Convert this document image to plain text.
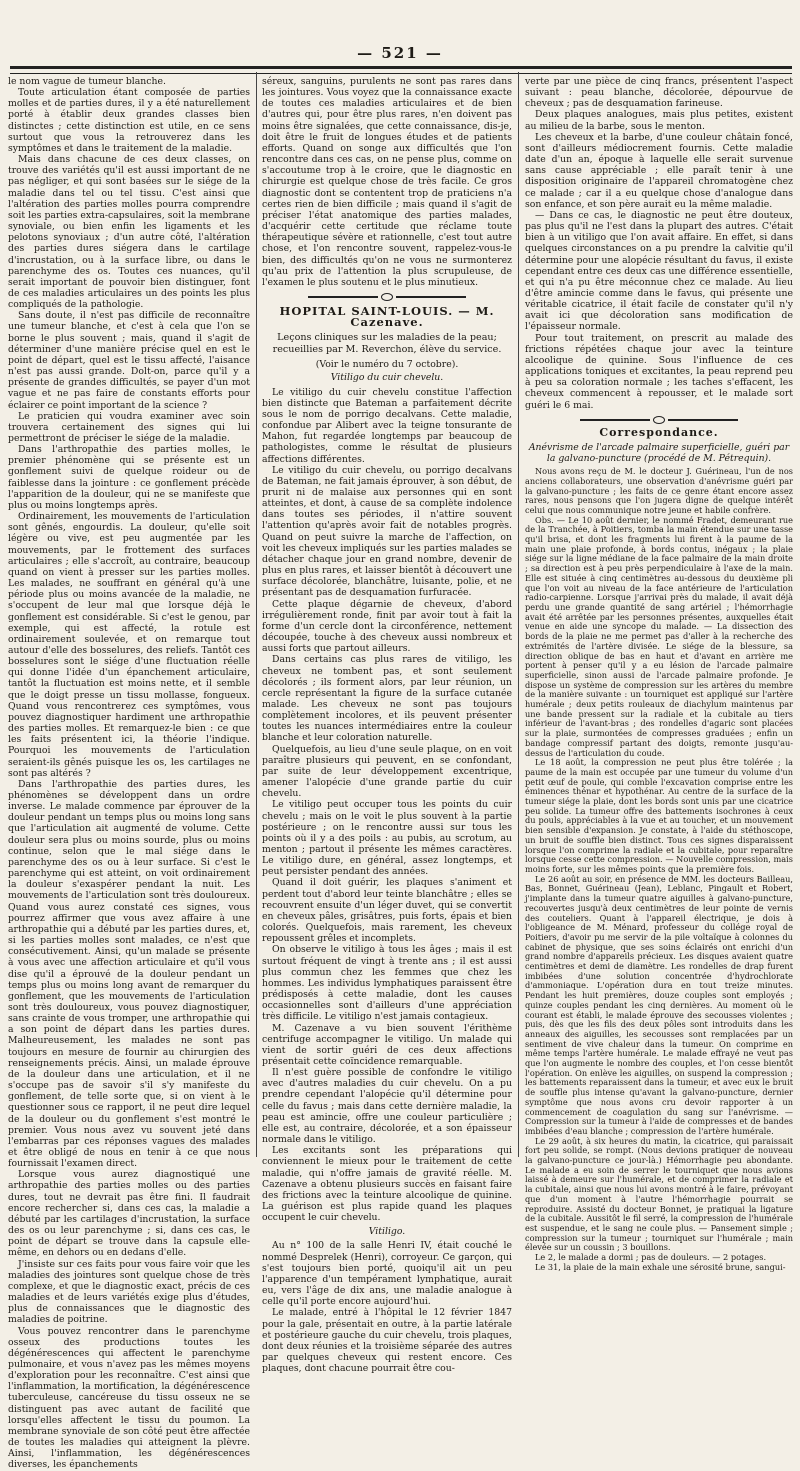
— 521 —

le nom vague de tumeur blanche.

Toute articulation étant composée de parties molles et de parties dures, il y a été naturellement porté à établir deux grandes classes bien distinctes ; cette distinction est utile, en ce sens surtout que vous la retrouverez dans les symptômes et dans le traitement de la maladie.

Mais dans chacune de ces deux classes, on trouve des variétés qu'il est aussi important de ne pas négliger, et qui sont basées sur le siége de la maladie dans tel ou tel tissu. C'est ainsi que l'altération des parties molles pourra comprendre soit les parties extra-capsulaires, soit la membrane synoviale, ou bien enfin les ligaments et les pelotons synoviaux ; d'un autre côté, l'altération des parties dures siégera dans le cartilage d'incrustation, ou à la surface libre, ou dans le parenchyme des os. Toutes ces nuances, qu'il serait important de pouvoir bien distinguer, font de ces maladies articulaires un des points les plus compliqués de la pathologie.

Sans doute, il n'est pas difficile de reconnaître une tumeur blanche, et c'est à cela que l'on se borne le plus souvent ; mais, quand il s'agit de déterminer d'une manière précise quel en est le point de départ, quel est le tissu affecté, l'aisance n'est pas aussi grande. Dolt-on, parce qu'il y a présente de grandes difficultés, se payer d'un mot vague et ne pas faire de constants efforts pour éclairer ce point important de la science ?

Le praticien qui voudra examiner avec soin trouvera certainement des signes qui lui permettront de préciser le siége de la maladie.

Dans l'arthropathie des parties molles, le premier phénomène qui se présente est un gonflement suivi de quelque roideur ou de faiblesse dans la jointure : ce gonflement précède l'apparition de la douleur, qui ne se manifeste que plus ou moins longtemps après.

Ordinairement, les mouvements de l'articulation sont gênés, engourdis. La douleur, qu'elle soit légère ou vive, est peu augmentée par les mouvements, par le frottement des surfaces articulaires ; elle s'accroît, au contraire, beaucoup quand on vient à presser sur les parties molles. Les malades, ne souffrant en général qu'à une période plus ou moins avancée de la maladie, ne s'occupent de leur mal que lorsque déjà le gonflement est considérable. Si c'est le genou, par exemple, qui est affecté, la rotule est ordinairement soulevée, et on remarque tout autour d'elle des bosselures, des reliefs. Tantôt ces bosselures sont le siége d'une fluctuation réelle qui donne l'idée d'un épanchement articulaire, tantôt la fluctuation est moins nette, et il semble que le doigt presse un tissu mollasse, fongueux. Quand vous rencontrerez ces symptômes, vous pouvez diagnostiquer hardiment une arthropathie des parties molles. Et remarquez-le bien : ce que les faits présentent ici, la théorie l'indique. Pourquoi les mouvements de l'articulation seraient-ils gênés puisque les os, les cartilages ne sont pas altérés ?

Dans l'arthropathie des parties dures, les phénomènes se développent dans un ordre inverse. Le malade commence par éprouver de la douleur pendant un temps plus ou moins long sans que l'articulation ait augmenté de volume. Cette douleur sera plus ou moins sourde, plus ou moins continue, selon que le mal siége dans le parenchyme des os ou à leur surface. Si c'est le parenchyme qui est atteint, on voit ordinairement la douleur s'exaspérer pendant la nuit. Les mouvements de l'articulation sont très douloureux. Quand vous aurez constaté ces signes, vous pourrez affirmer que vous avez affaire à une arthropathie qui a débuté par les parties dures, et, si les parties molles sont malades, ce n'est que consécutivement. Ainsi, qu'un malade se présente à vous avec une affection articulaire et qu'il vous dise qu'il a éprouvé de la douleur pendant un temps plus ou moins long avant de remarquer du gonflement, que les mouvements de l'articulation sont très douloureux, vous pouvez diagnostiquer, sans crainte de vous tromper, une arthropathie qui a son point de départ dans les parties dures. Malheureusement, les malades ne sont pas toujours en mesure de fournir au chirurgien des renseignements précis. Ainsi, un malade éprouve de la douleur dans une articulation, et il ne s'occupe pas de savoir s'il s'y manifeste du gonflement, de telle sorte que, si on vient à le questionner sous ce rapport, il ne peut dire lequel de la douleur ou du gonflement s'est montré le premier. Vous nous avez vu souvent jeté dans l'embarras par ces réponses vagues des malades et être obligé de nous en tenir à ce que nous fournissait l'examen direct.

Lorsque vous aurez diagnostiqué une arthropathie des parties molles ou des parties dures, tout ne devrait pas être fini. Il faudrait encore rechercher si, dans ces cas, la maladie a débuté par les cartilages d'incrustation, la surface des os ou leur parenchyme ; si, dans ces cas, le point de départ se trouve dans la capsule elle-même, en dehors ou en dedans d'elle.

J'insiste sur ces faits pour vous faire voir que les maladies des jointures sont quelque chose de très complexe, et que le diagnostic exact, précis de ces maladies et de leurs variétés exige plus d'études, plus de connaissances que le diagnostic des maladies de poitrine.

Vous pouvez rencontrer dans le parenchyme osseux des productions toutes les dégénérescences qui affectent le parenchyme pulmonaire, et vous n'avez pas les mêmes moyens d'exploration pour les reconnaître. C'est ainsi que l'inflammation, la mortification, la dégénérescence tuberculeuse, cancéreuse du tissu osseux ne se distinguent pas avec autant de facilité que lorsqu'elles affectent le tissu du poumon. La membrane synoviale de son côté peut être affectée de toutes les maladies qui atteignent la plèvre. Ainsi, l'inflammation, les dégénérescences diverses, les épanchements

séreux, sanguins, purulents ne sont pas rares dans les jointures. Vous voyez que la connaissance exacte de toutes ces maladies articulaires et de bien d'autres qui, pour être plus rares, n'en doivent pas moins être signalées, que cette connaissance, dis-je, doit être le fruit de longues études et de patients efforts. Quand on songe aux difficultés que l'on rencontre dans ces cas, on ne pense plus, comme on s'accoutume trop à le croire, que le diagnostic en chirurgie est quelque chose de très facile. Ce gros diagnostic dont se contentent trop de praticiens n'a certes rien de bien difficile ; mais quand il s'agit de préciser l'état anatomique des parties malades, d'acquérir cette certitude que réclame toute thérapeutique sévère et rationnelle, c'est tout autre chose, et l'on rencontre souvent, rappelez-vous-le bien, des difficultés qu'on ne vous ne surmonterez qu'au prix de l'attention la plus scrupuleuse, de l'examen le plus soutenu et le plus minutieux.

HOPITAL SAINT-LOUIS. — M. Cazenave.

Leçons cliniques sur les maladies de la peau; recueillies par M. Reverchon, élève du service.

(Voir le numéro du 7 octobre).

Vitiligo du cuir chevelu.

Le vitiligo du cuir chevelu constitue l'affection bien distincte que Bateman a parfaitement décrite sous le nom de porrigo decalvans. Cette maladie, confondue par Alibert avec la teigne tonsurante de Mahon, fut regardée longtemps par beaucoup de pathologistes, comme le résultat de plusieurs affections différentes.

Le vitiligo du cuir chevelu, ou porrigo decalvans de Bateman, ne fait jamais éprouver, à son début, de prurit ni de malaise aux personnes qui en sont atteintes, et dont, à cause de sa complète indolence dans toutes ses périodes, il n'attire souvent l'attention qu'après avoir fait de notables progrès. Quand on peut suivre la marche de l'affection, on voit les cheveux impliqués sur les parties malades se détacher chaque jour en grand nombre, devenir de plus en plus rares, et laisser bientôt à découvert une surface décolorée, blanchâtre, luisante, polie, et ne présentant pas de desquamation furfuracée.

Cette plaque dégarnie de cheveux, d'abord irrégulièrement ronde, finit par avoir tout à fait la forme d'un cercle dont la circonférence, nettement découpée, touche à des cheveux aussi nombreux et aussi forts que partout ailleurs.

Dans certains cas plus rares de vitiligo, les cheveux ne tombent pas, et sont seulement décolorés ; ils forment alors, par leur réunion, un cercle représentant la figure de la surface cutanée malade. Les cheveux ne sont pas toujours complètement incolores, et ils peuvent présenter toutes les nuances intermédiaires entre la couleur blanche et leur coloration naturelle.

Quelquefois, au lieu d'une seule plaque, on en voit paraître plusieurs qui peuvent, en se confondant, par suite de leur développement excentrique, amener l'alopécie d'une grande partie du cuir chevelu.

Le vitiligo peut occuper tous les points du cuir chevelu ; mais on le voit le plus souvent à la partie postérieure ; on le rencontre aussi sur tous les points où il y a des poils : au pubis, au scrotum, au menton ; partout il présente les mêmes caractères. Le vitiligo dure, en général, assez longtemps, et peut persister pendant des années.

Quand il doit guérir, les plaques s'animent et perdent tout d'abord leur teinte blanchâtre ; elles se recouvrent ensuite d'un léger duvet, qui se convertit en cheveux pâles, grisâtres, puis forts, épais et bien colorés. Quelquefois, mais rarement, les cheveux repoussent grêles et incomplets.

On observe le vitiligo à tous les âges ; mais il est surtout fréquent de vingt à trente ans ; il est aussi plus commun chez les femmes que chez les hommes. Les individus lymphatiques paraissent être prédisposés à cette maladie, dont les causes occasionnelles sont d'ailleurs d'une appréciation très difficile. Le vitiligo n'est jamais contagieux.

M. Cazenave a vu bien souvent l'érithème centrifuge accompagner le vitiligo. Un malade qui vient de sortir guéri de ces deux affections présentait cette coïncidence remarquable.

Il n'est guère possible de confondre le vitiligo avec d'autres maladies du cuir chevelu. On a pu prendre cependant l'alopécie qu'il détermine pour celle du favus ; mais dans cette dernière maladie, la peau est amincie, offre une couleur particulière ; elle est, au contraire, décolorée, et a son épaisseur normale dans le vitiligo.

Les excitants sont les préparations qui conviennent le mieux pour le traitement de cette maladie, qui n'offre jamais de gravité réelle. M. Cazenave a obtenu plusieurs succès en faisant faire des frictions avec la teinture alcoolique de quinine. La guérison est plus rapide quand les plaques occupent le cuir chevelu.

Vitiligo.

Au n° 100 de la salle Henri IV, était couché le nommé Desprelek (Henri), corroyeur. Ce garçon, qui s'est toujours bien porté, quoiqu'il ait un peu l'apparence d'un tempérament lymphatique, aurait eu, vers l'âge de dix ans, une maladie analogue à celle qu'il porte encore aujourd'hui.

Le malade, entré à l'hôpital le 12 février 1847 pour la gale, présentait en outre, à la partie latérale et postérieure gauche du cuir chevelu, trois plaques, dont deux réunies et la troisième séparée des autres par quelques cheveux qui restent encore. Ces plaques, dont chacune pourrait être cou-

verte par une pièce de cinq francs, présentent l'aspect suivant : peau blanche, décolorée, dépourvue de cheveux ; pas de desquamation farineuse.

Deux plaques analogues, mais plus petites, existent au milieu de la barbe, sous le menton.

Les cheveux et la barbe, d'une couleur châtain foncé, sont d'ailleurs médiocrement fournis. Cette maladie date d'un an, époque à laquelle elle serait survenue sans cause appréciable ; elle paraît tenir à une disposition originaire de l'appareil chromatogène chez ce malade ; car il a eu quelque chose d'analogue dans son enfance, et son père aurait eu la même maladie.

— Dans ce cas, le diagnostic ne peut être douteux, pas plus qu'il ne l'est dans la plupart des autres. C'était bien à un vitiligo que l'on avait affaire. En effet, si dans quelques circonstances on a pu prendre la calvitie qu'il détermine pour une alopécie résultant du favus, il existe cependant entre ces deux cas une différence essentielle, et qui n'a pu être méconnue chez ce malade. Au lieu d'être amincie comme dans le favus, qui présente une véritable cicatrice, il était facile de constater qu'il n'y avait ici que décoloration sans modification de l'épaisseur normale.

Pour tout traitement, on prescrit au malade des frictions répétées chaque jour avec la teinture alcoolique de quinine. Sous l'influence de ces applications toniques et excitantes, la peau reprend peu à peu sa coloration normale ; les taches s'effacent, les cheveux commencent à repousser, et le malade sort guéri le 6 mai.

Correspondance.

Anévrisme de l'arcade palmaire superficielle, guéri par la galvano-puncture (procédé de M. Pétrequin).

Nous avons reçu de M. le docteur J. Guérineau, l'un de nos anciens collaborateurs, une observation d'anévrisme guéri par la galvano-puncture ; les faits de ce genre étant encore assez rares, nous pensons que l'on jugera digne de quelque intérêt celui que nous communique notre jeune et habile confrère.

Obs. — Le 10 août dernier, le nommé Fradet, demeurant rue de la Tranchée, à Poitiers, tomba la main étendue sur une tasse qu'il brisa, et dont les fragments lui firent à la paume de la main une plaie profonde, à bords contus, inégaux ; la plaie siége sur la ligne médiane de la face palmaire de la main droite ; sa direction est à peu près perpendiculaire à l'axe de la main. Elle est située à cinq centimètres au-dessous du deuxième pli que l'on voit au niveau de la face antérieure de l'articulation radio-carpienne. Lorsque j'arrivai près du malade, il avait déjà perdu une grande quantité de sang artériel ; l'hémorrhagie avait été arrêtée par les personnes présentes, auxquelles était venue en aide une syncope du malade. — La dissection des bords de la plaie ne me permet pas d'aller à la recherche des extrémités de l'artère divisée. Le siége de la blessure, sa direction oblique de bas en haut et d'avant en arrière me portent à penser qu'il y a eu lésion de l'arcade palmaire superficielle, sinon aussi de l'arcade palmaire profonde. Je dispose un système de compression sur les artères du membre de la manière suivante : un tourniquet est appliqué sur l'artère humérale ; deux petits rouleaux de diachylum maintenus par une bande pressent sur la radiale et la cubitale au tiers inférieur de l'avant-bras ; des rondelles d'agaric sont placées sur la plaie, surmontées de compresses graduées ; enfin un bandage compressif partant des doigts, remonte jusqu'au-dessus de l'articulation du coude.

Le 18 août, la compression ne peut plus être tolérée ; la paume de la main est occupée par une tumeur du volume d'un petit œuf de poule, qui comble l'excavation comprise entre les éminences thénar et hypothénar. Au centre de la surface de la tumeur siége la plaie, dont les bords sont unis par une cicatrice peu solide. La tumeur offre des battements isochrones à ceux du pouls, appréciables à la vue et au toucher, et un mouvement bien sensible d'expansion. Je constate, à l'aide du stéthoscope, un bruit de souffle bien distinct. Tous ces signes disparaissent lorsque l'on comprime la radiale et la cubitale, pour reparaître lorsque cesse cette compression. — Nouvelle compression, mais moins forte, sur les mêmes points que la première fois.

Le 26 août au soir, en présence de MM. les docteurs Bailleau, Bas, Bonnet, Guérineau (Jean), Leblanc, Pingault et Robert, j'implante dans la tumeur quatre aiguilles à galvano-puncture, recouvertes jusqu'à deux centimètres de leur pointe de vernis des couteliers. Quant à l'appareil électrique, je dois à l'obligeance de M. Ménard, professeur du collége royal de Poitiers, d'avoir pu me servir de la pile voltaïque à colonnes du cabinet de physique, que ses soins éclairés ont enrichi d'un grand nombre d'appareils précieux. Les disques avaient quatre centimètres et demi de diamètre. Les rondelles de drap furent imbibées d'une solution concentrée d'hydrochlorate d'ammoniaque. L'opération dura en tout treize minutes. Pendant les huit premières, douze couples sont employés ; quinze couples pendant les cinq dernières. Au moment où le courant est établi, le malade éprouve des secousses violentes ; puis, dès que les fils des deux pôles sont introduits dans les anneaux des aiguilles, les secousses sont remplacées par un sentiment de vive chaleur dans la tumeur. On comprime en même temps l'artère humérale. Le malade effrayé ne veut pas que l'on augmente le nombre des couples, et l'on cesse bientôt l'opération. On enlève les aiguilles, on suspend la compression ; les battements reparaissent dans la tumeur, et avec eux le bruit de souffle plus intense qu'avant la galvano-puncture, dernier symptôme que nous avons cru devoir rapporter à un commencement de coagulation du sang sur l'anévrisme. — Compression sur la tumeur à l'aide de compresses et de bandes imbibées d'eau blanche ; compression de l'artère humérale.

Le 29 août, à six heures du matin, la cicatrice, qui paraissait fort peu solide, se rompt. (Nous devions pratiquer de nouveau la galvano-puncture ce jour-là.) Hémorrhagie peu abondante. Le malade a eu soin de serrer le tourniquet que nous avions laissé à demeure sur l'humérale, et de comprimer la radiale et la cubitale, ainsi que nous lui avons montré à le faire, prévoyant que d'un moment à l'autre l'hémorrhagie pourrait se reproduire. Assisté du docteur Bonnet, je pratiquai la ligature de la cubitale. Aussitôt le fil serré, la compression de l'humérale est suspendue, et le sang ne coule plus. — Pansement simple ; compression sur la tumeur ; tourniquet sur l'humérale ; main élevée sur un coussin ; 3 bouillons.

Le 2, le malade a dormi ; pas de douleurs. — 2 potages.

Le 31, la plaie de la main exhale une sérosité brune, sangui-
